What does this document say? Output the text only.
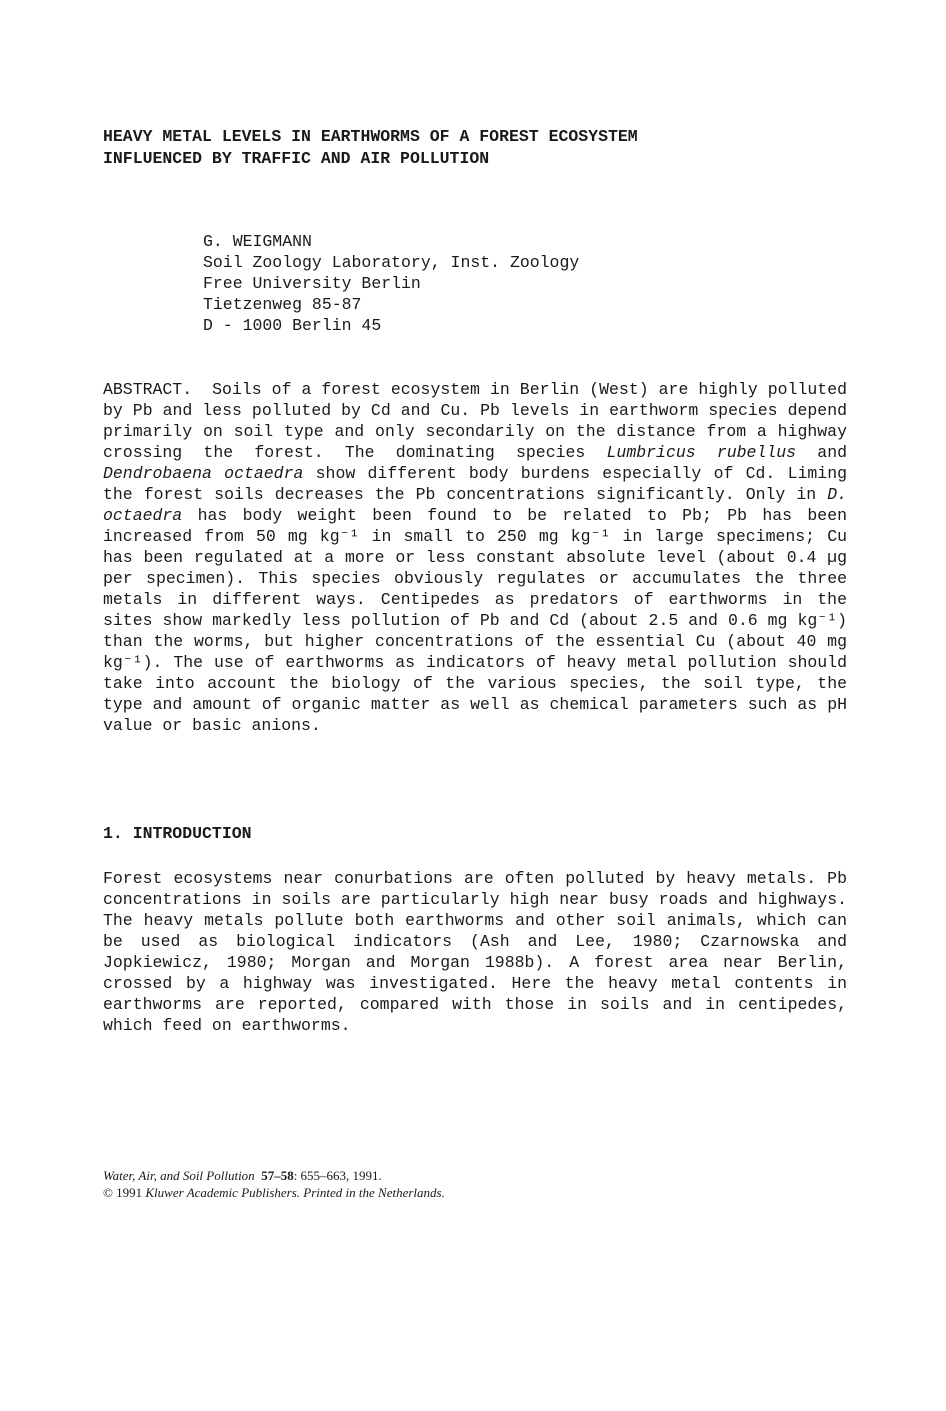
HEAVY METAL LEVELS IN EARTHWORMS OF A FOREST ECOSYSTEM
INFLUENCED BY TRAFFIC AND AIR POLLUTION
G. WEIGMANN
Soil Zoology Laboratory, Inst. Zoology
Free University Berlin
Tietzenweg 85-87
D - 1000 Berlin 45
ABSTRACT. Soils of a forest ecosystem in Berlin (West) are highly polluted by Pb and less polluted by Cd and Cu. Pb levels in earthworm species depend primarily on soil type and only secondarily on the distance from a highway crossing the forest. The dominating species Lumbricus rubellus and Dendrobaena octaedra show different body burdens especially of Cd. Liming the forest soils decreases the Pb concentrations significantly. Only in D. octaedra has body weight been found to be related to Pb; Pb has been increased from 50 mg kg⁻¹ in small to 250 mg kg⁻¹ in large specimens; Cu has been regulated at a more or less constant absolute level (about 0.4 µg per specimen). This species obviously regulates or accumulates the three metals in different ways. Centipedes as predators of earthworms in the sites show markedly less pollution of Pb and Cd (about 2.5 and 0.6 mg kg⁻¹) than the worms, but higher concentrations of the essential Cu (about 40 mg kg⁻¹). The use of earthworms as indicators of heavy metal pollution should take into account the biology of the various species, the soil type, the type and amount of organic matter as well as chemical parameters such as pH value or basic anions.
1. INTRODUCTION
Forest ecosystems near conurbations are often polluted by heavy metals. Pb concentrations in soils are particularly high near busy roads and highways. The heavy metals pollute both earthworms and other soil animals, which can be used as biological indicators (Ash and Lee, 1980; Czarnowska and Jopkiewicz, 1980; Morgan and Morgan 1988b). A forest area near Berlin, crossed by a highway was investigated. Here the heavy metal contents in earthworms are reported, compared with those in soils and in centipedes, which feed on earthworms.
Water, Air, and Soil Pollution 57–58: 655–663, 1991.
© 1991 Kluwer Academic Publishers. Printed in the Netherlands.
